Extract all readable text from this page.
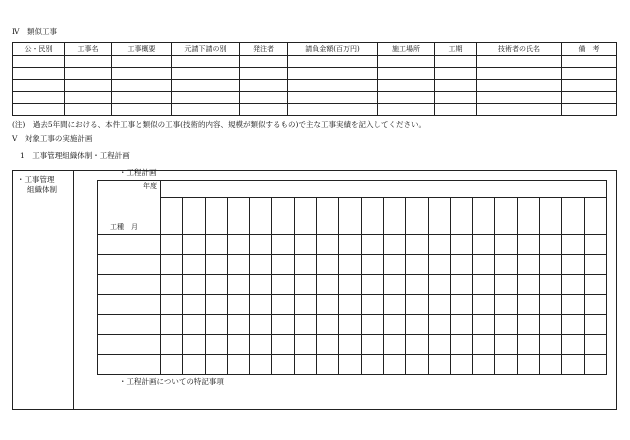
Ⅳ　類似工事
公・民別	工事名	工事概要	元請下請の別	発注者	請負金額(百万円)	施工場所	工期	技術者の氏名	備　考

(注)　過去5年間における、本件工事と類似の工事(技術的内容、規模が類似するもの)で主な工事実績を記入してください。
Ⅴ　対象工事の実施計画
1　工事管理組織体制・工程計画
・工事管理
組織体制
・工程計画
年度
工種　月																				

・工程計画についての特記事項
